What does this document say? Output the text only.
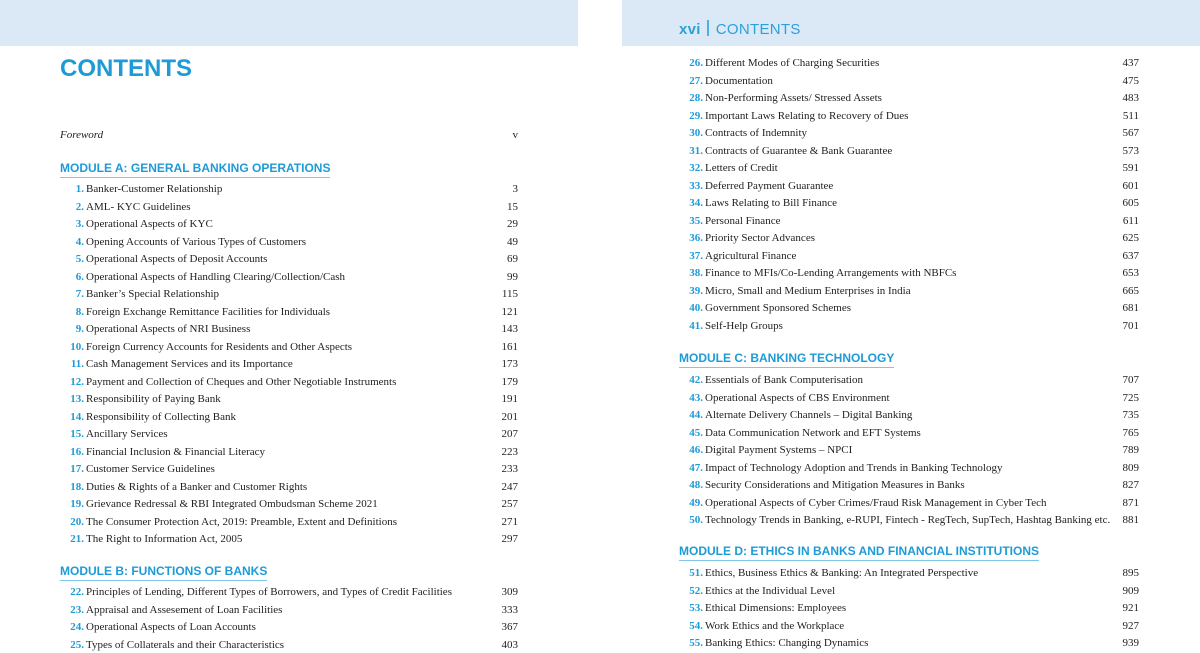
xvi CONTENTS
CONTENTS
Foreword	v
MODULE A: GENERAL BANKING OPERATIONS
1. Banker-Customer Relationship	3
2. AML- KYC Guidelines	15
3. Operational Aspects of KYC	29
4. Opening Accounts of Various Types of Customers	49
5. Operational Aspects of Deposit Accounts	69
6. Operational Aspects of Handling Clearing/Collection/Cash	99
7. Banker’s Special Relationship	115
8. Foreign Exchange Remittance Facilities for Individuals	121
9. Operational Aspects of NRI Business	143
10. Foreign Currency Accounts for Residents and Other Aspects	161
11. Cash Management Services and its Importance	173
12. Payment and Collection of Cheques and Other Negotiable Instruments	179
13. Responsibility of Paying Bank	191
14. Responsibility of Collecting Bank	201
15. Ancillary Services	207
16. Financial Inclusion & Financial Literacy	223
17. Customer Service Guidelines	233
18. Duties & Rights of a Banker and Customer Rights	247
19. Grievance Redressal & RBI Integrated Ombudsman Scheme 2021	257
20. The Consumer Protection Act, 2019: Preamble, Extent and Definitions	271
21. The Right to Information Act, 2005	297
MODULE B: FUNCTIONS OF BANKS
22. Principles of Lending, Different Types of Borrowers, and Types of Credit Facilities	309
23. Appraisal and Assesement of Loan Facilities	333
24. Operational Aspects of Loan Accounts	367
25. Types of Collaterals and their Characteristics	403
26. Different Modes of Charging Securities	437
27. Documentation	475
28. Non-Performing Assets/ Stressed Assets	483
29. Important Laws Relating to Recovery of Dues	511
30. Contracts of Indemnity	567
31. Contracts of Guarantee & Bank Guarantee	573
32. Letters of Credit	591
33. Deferred Payment Guarantee	601
34. Laws Relating to Bill Finance	605
35. Personal Finance	611
36. Priority Sector Advances	625
37. Agricultural Finance	637
38. Finance to MFIs/Co-Lending Arrangements with NBFCs	653
39. Micro, Small and Medium Enterprises in India	665
40. Government Sponsored Schemes	681
41. Self-Help Groups	701
MODULE C: BANKING TECHNOLOGY
42. Essentials of Bank Computerisation	707
43. Operational Aspects of CBS Environment	725
44. Alternate Delivery Channels – Digital Banking	735
45. Data Communication Network and EFT Systems	765
46. Digital Payment Systems – NPCI	789
47. Impact of Technology Adoption and Trends in Banking Technology	809
48. Security Considerations and Mitigation Measures in Banks	827
49. Operational Aspects of Cyber Crimes/Fraud Risk Management in Cyber Tech	871
50. Technology Trends in Banking, e-RUPI, Fintech - RegTech, SupTech, Hashtag Banking etc. 881
MODULE D: ETHICS IN BANKS AND FINANCIAL INSTITUTIONS
51. Ethics, Business Ethics & Banking: An Integrated Perspective	895
52. Ethics at the Individual Level	909
53. Ethical Dimensions: Employees	921
54. Work Ethics and the Workplace	927
55. Banking Ethics: Changing Dynamics	939
